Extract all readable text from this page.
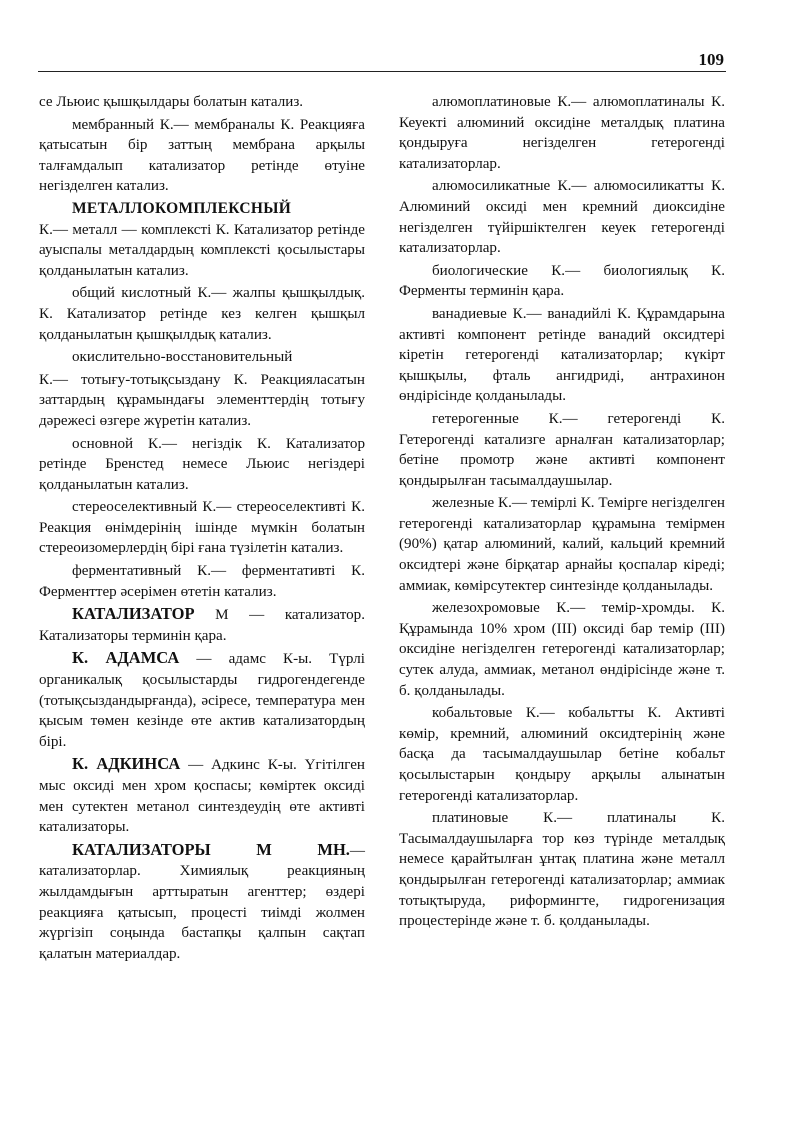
109

се Льюис қышқылдары болатын катализ.

мембранный К.— мембраналы К. Реакцияға қатысатын бір заттың мембрана арқылы талғамдалып катализатор ретінде өтуіне негізделген катализ.

МЕТАЛЛОКОМПЛЕКСНЫЙ

К.— металл — комплексті К. Катализатор ретінде ауыспалы металдардың комплексті қосылыстары қолданылатын катализ.

общий кислотный К.— жалпы қышқылдық. К. Катализатор ретінде кез келген қышқыл қолданылатын қышқылдық катализ.

окислительно-восстановительный

К.— тотығу-тотықсыздану К. Реакцияласатын заттардың құрамындағы элементтердің тотығу дәрежесі өзгере жүретін катализ.

основной К.— негіздік К. Катализатор ретінде Бренстед немесе Льюис негіздері қолданылатын катализ.

стереоселективный К.— стереоселективті К. Реакция өнімдерінің ішінде мүмкін болатын стереоизомерлердің бірі ғана түзілетін катализ.

ферментативный К.— ферментативті К. Ферменттер әсерімен өтетін катализ.

КАТАЛИЗАТОР М — катализатор. Катализаторы терминін қара.

К. АДАМСА — адамс К-ы. Түрлі органикалық қосылыстарды гидрогендегенде (тотықсыздандырғанда), әсіресе, температура мен қысым төмен кезінде өте актив катализатордың бірі.

К. АДКИНСА — Адкинс К-ы. Үгітілген мыс оксиді мен хром қоспасы; көміртек оксиді мен сутектен метанол синтездеудің өте активті катализаторы.

КАТАЛИЗАТОРЫ М МН.— катализаторлар. Химиялық реакцияның жылдамдығын арттыратын агенттер; өздері реакцияға қатысып, процесті тиімді жолмен жүргізіп соңында бастапқы қалпын сақтап қалатын материалдар.

алюмоплатиновые К.— алюмоплатиналы К. Кеуекті алюминий оксидіне металдық платина қондыруға негізделген гетерогенді катализаторлар.

алюмосиликатные К.— алюмосиликатты К. Алюминий оксиді мен кремний диоксидіне негізделген түйіршіктелген кеуек гетерогенді катализаторлар.

биологические К.— биологиялық К. Ферменты терминін қара.

ванадиевые К.— ванадийлі К. Құрамдарына активті компонент ретінде ванадий оксидтері кіретін гетерогенді катализаторлар; күкірт қышқылы, фталь ангидриді, антрахинон өндірісінде қолданылады.

гетерогенные К.— гетерогенді К. Гетерогенді катализге арналған катализаторлар; бетіне промотр және активті компонент қондырылған тасымалдаушылар.

железные К.— темірлі К. Темірге негізделген гетерогенді катализаторлар құрамына темірмен (90%) қатар алюминий, калий, кальций кремний оксидтері және бірқатар арнайы қоспалар кіреді; аммиак, көмірсутектер синтезінде қолданылады.

железохромовые К.— темір-хромды. К. Құрамында 10% хром (III) оксиді бар темір (III) оксидіне негізделген гетерогенді катализаторлар; сутек алуда, аммиак, метанол өндірісінде және т. б. қолданылады.

кобальтовые К.— кобальтты К. Активті көмір, кремний, алюминий оксидтерінің және басқа да тасымалдаушылар бетіне кобальт қосылыстарын қондыру арқылы алынатын гетерогенді катализаторлар.

платиновые К.— платиналы К. Тасымалдаушыларға тор көз түрінде металдық немесе қарайтылған ұнтақ платина және металл қондырылған гетерогенді катализаторлар; аммиак тотықтыруда, риформингте, гидрогенизация процестерінде және т. б. қолданылады.
